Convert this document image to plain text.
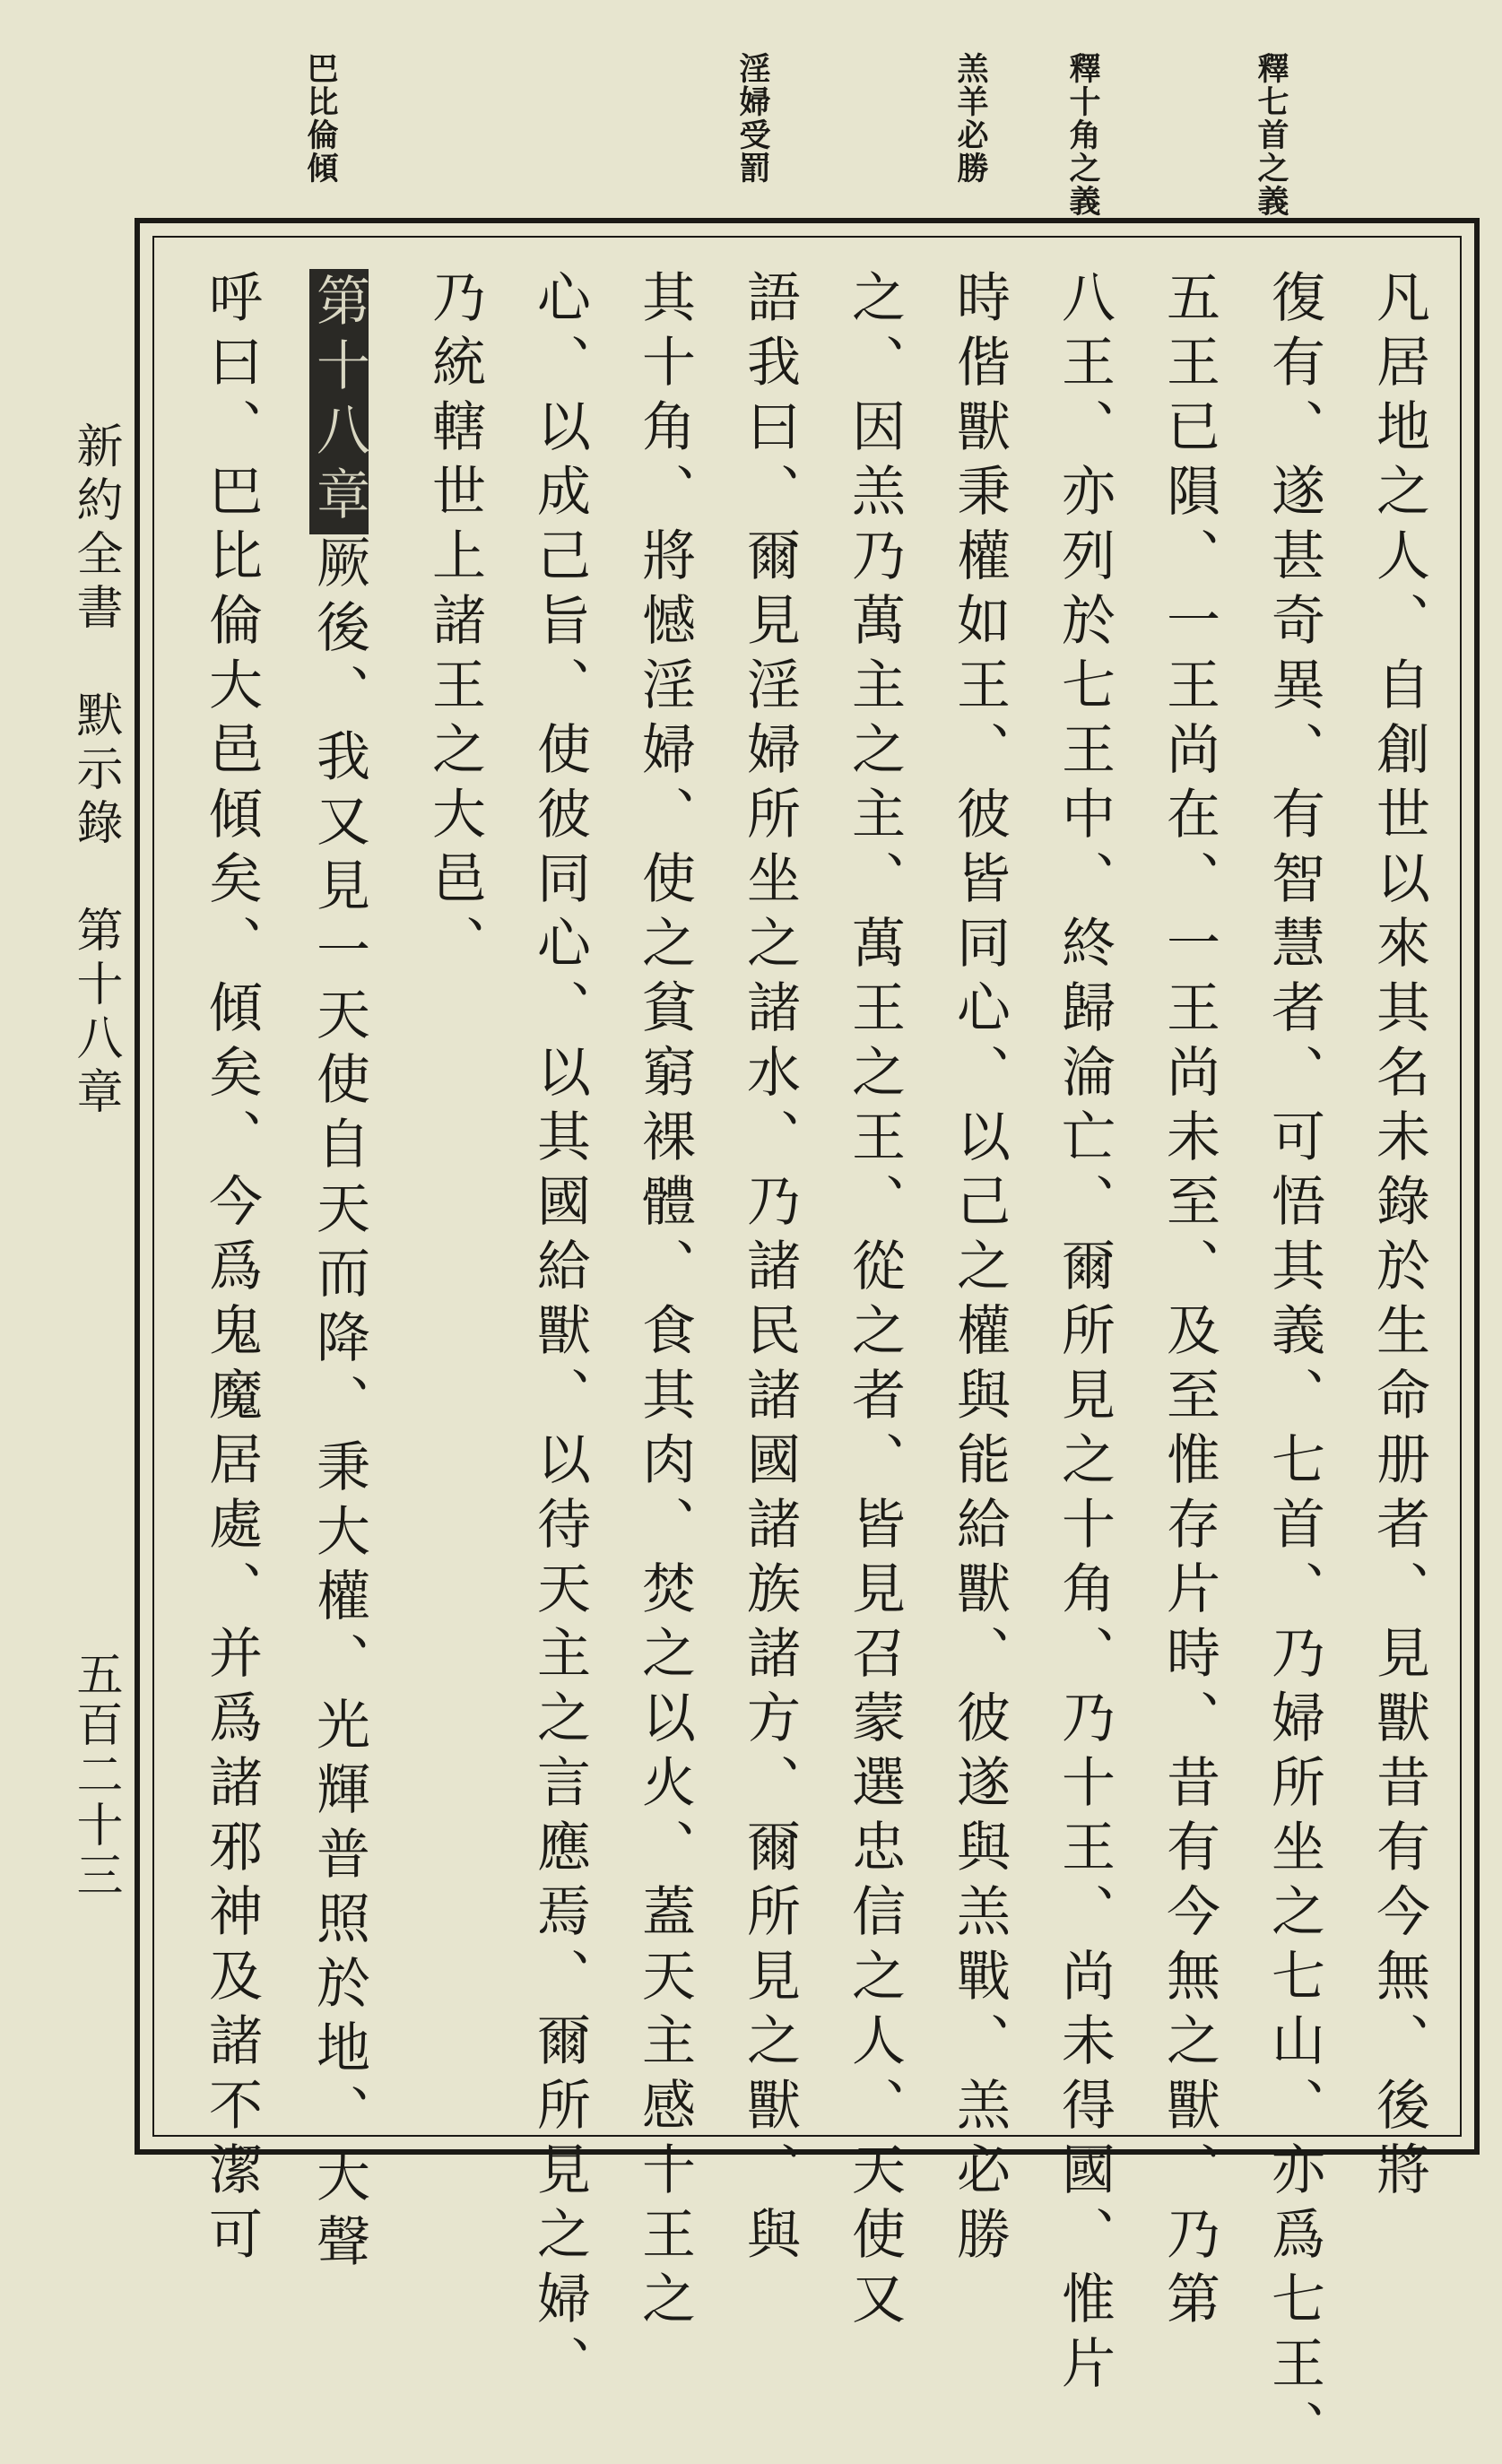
釋七首之義
釋十角之義
羔羊必勝
淫婦受罰
巴比倫傾
凡居地之人、自創世以來其名未錄於生命册者、見獸昔有今無、後將
復有、遂甚奇異、有智慧者、可悟其義、七首、乃婦所坐之七山、亦爲七王、
五王已隕、一王尚在、一王尚未至、及至惟存片時、昔有今無之獸、乃第
八王、亦列於七王中、終歸淪亡、爾所見之十角、乃十王、尚未得國、惟片
時偕獸秉權如王、彼皆同心、以己之權與能給獸、彼遂與羔戰、羔必勝
之、因羔乃萬主之主、萬王之王、從之者、皆見召蒙選忠信之人、天使又
語我曰、爾見淫婦所坐之諸水、乃諸民諸國諸族諸方、爾所見之獸、與
其十角、將憾淫婦、使之貧窮裸體、食其肉、焚之以火、蓋天主感十王之
心、以成己旨、使彼同心、以其國給獸、以待天主之言應焉、爾所見之婦、
乃統轄世上諸王之大邑、
第十八章厥後、我又見一天使自天而降、秉大權、光輝普照於地、大聲
呼曰、巴比倫大邑傾矣、傾矣、今爲鬼魔居處、并爲諸邪神及諸不潔可
新約全書　默示錄　第十八章
五百二十三
